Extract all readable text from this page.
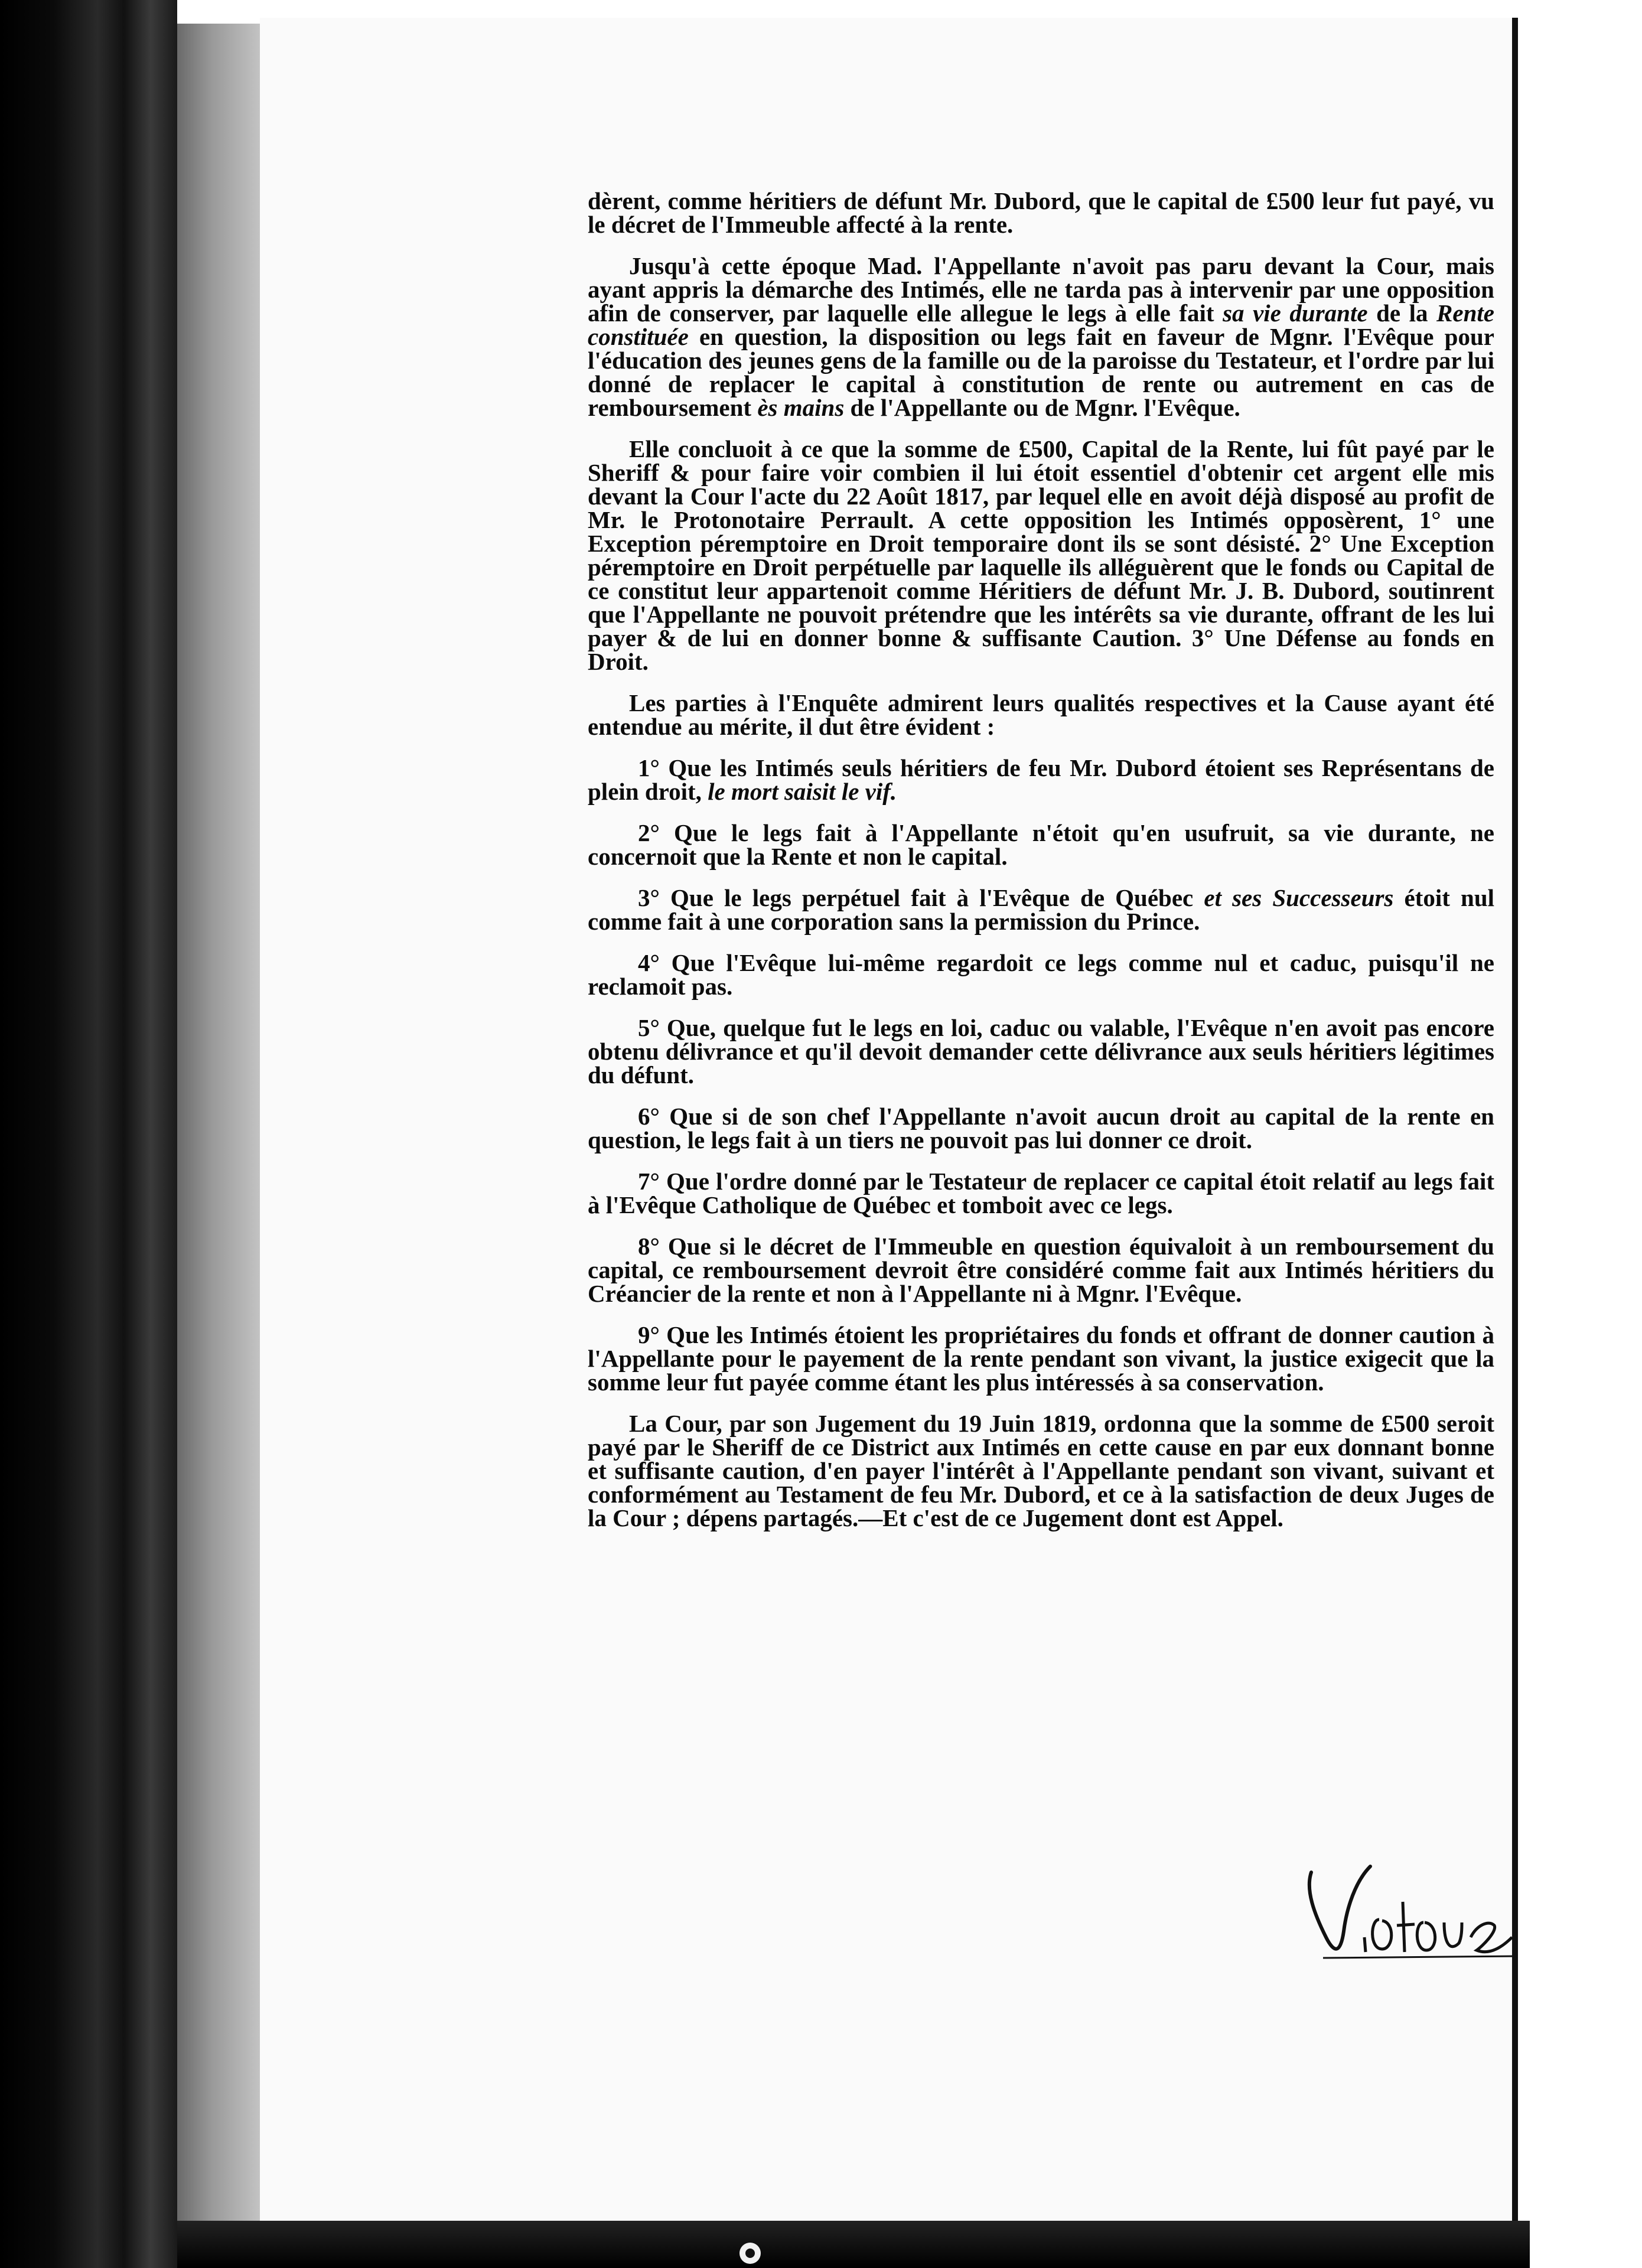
dèrent, comme héritiers de défunt Mr. Dubord, que le capital de £500 leur fut payé, vu le décret de l'Immeuble affecté à la rente.

Jusqu'à cette époque Mad. l'Appellante n'avoit pas paru devant la Cour, mais ayant appris la démarche des Intimés, elle ne tarda pas à intervenir par une opposition afin de conserver, par laquelle elle allegue le legs à elle fait sa vie durante de la Rente constituée en question, la disposition ou legs fait en faveur de Mgnr. l'Evêque pour l'éducation des jeunes gens de la famille ou de la paroisse du Testateur, et l'ordre par lui donné de replacer le capital à constitution de rente ou autrement en cas de remboursement ès mains de l'Appellante ou de Mgnr. l'Evêque.

Elle concluoit à ce que la somme de £500, Capital de la Rente, lui fût payé par le Sheriff & pour faire voir combien il lui étoit essentiel d'obtenir cet argent elle mis devant la Cour l'acte du 22 Août 1817, par lequel elle en avoit déjà disposé au profit de Mr. le Protonotaire Perrault. A cette opposition les Intimés opposèrent, 1° une Exception péremptoire en Droit temporaire dont ils se sont désisté. 2° Une Exception péremptoire en Droit perpétuelle par laquelle ils alléguèrent que le fonds ou Capital de ce constitut leur appartenoit comme Héritiers de défunt Mr. J. B. Dubord, soutinrent que l'Appellante ne pouvoit prétendre que les intérêts sa vie durante, offrant de les lui payer & de lui en donner bonne & suffisante Caution. 3° Une Défense au fonds en Droit.

Les parties à l'Enquête admirent leurs qualités respectives et la Cause ayant été entendue au mérite, il dut être évident :

1° Que les Intimés seuls héritiers de feu Mr. Dubord étoient ses Représentans de plein droit, le mort saisit le vif.

2° Que le legs fait à l'Appellante n'étoit qu'en usufruit, sa vie durante, ne concernoit que la Rente et non le capital.

3° Que le legs perpétuel fait à l'Evêque de Québec et ses Successeurs étoit nul comme fait à une corporation sans la permission du Prince.

4° Que l'Evêque lui-même regardoit ce legs comme nul et caduc, puisqu'il ne reclamoit pas.

5° Que, quelque fut le legs en loi, caduc ou valable, l'Evêque n'en avoit pas encore obtenu délivrance et qu'il devoit demander cette délivrance aux seuls héritiers légitimes du défunt.

6° Que si de son chef l'Appellante n'avoit aucun droit au capital de la rente en question, le legs fait à un tiers ne pouvoit pas lui donner ce droit.

7° Que l'ordre donné par le Testateur de replacer ce capital étoit relatif au legs fait à l'Evêque Catholique de Québec et tomboit avec ce legs.

8° Que si le décret de l'Immeuble en question équivaloit à un remboursement du capital, ce remboursement devroit être considéré comme fait aux Intimés héritiers du Créancier de la rente et non à l'Appellante ni à Mgnr. l'Evêque.

9° Que les Intimés étoient les propriétaires du fonds et offrant de donner caution à l'Appellante pour le payement de la rente pendant son vivant, la justice exigecit que la somme leur fut payée comme étant les plus intéressés à sa conservation.

La Cour, par son Jugement du 19 Juin 1819, ordonna que la somme de £500 seroit payé par le Sheriff de ce District aux Intimés en cette cause en par eux donnant bonne et suffisante caution, d'en payer l'intérêt à l'Appellante pendant son vivant, suivant et conformément au Testament de feu Mr. Dubord, et ce à la satisfaction de deux Juges de la Cour ; dépens partagés.—Et c'est de ce Jugement dont est Appel.
